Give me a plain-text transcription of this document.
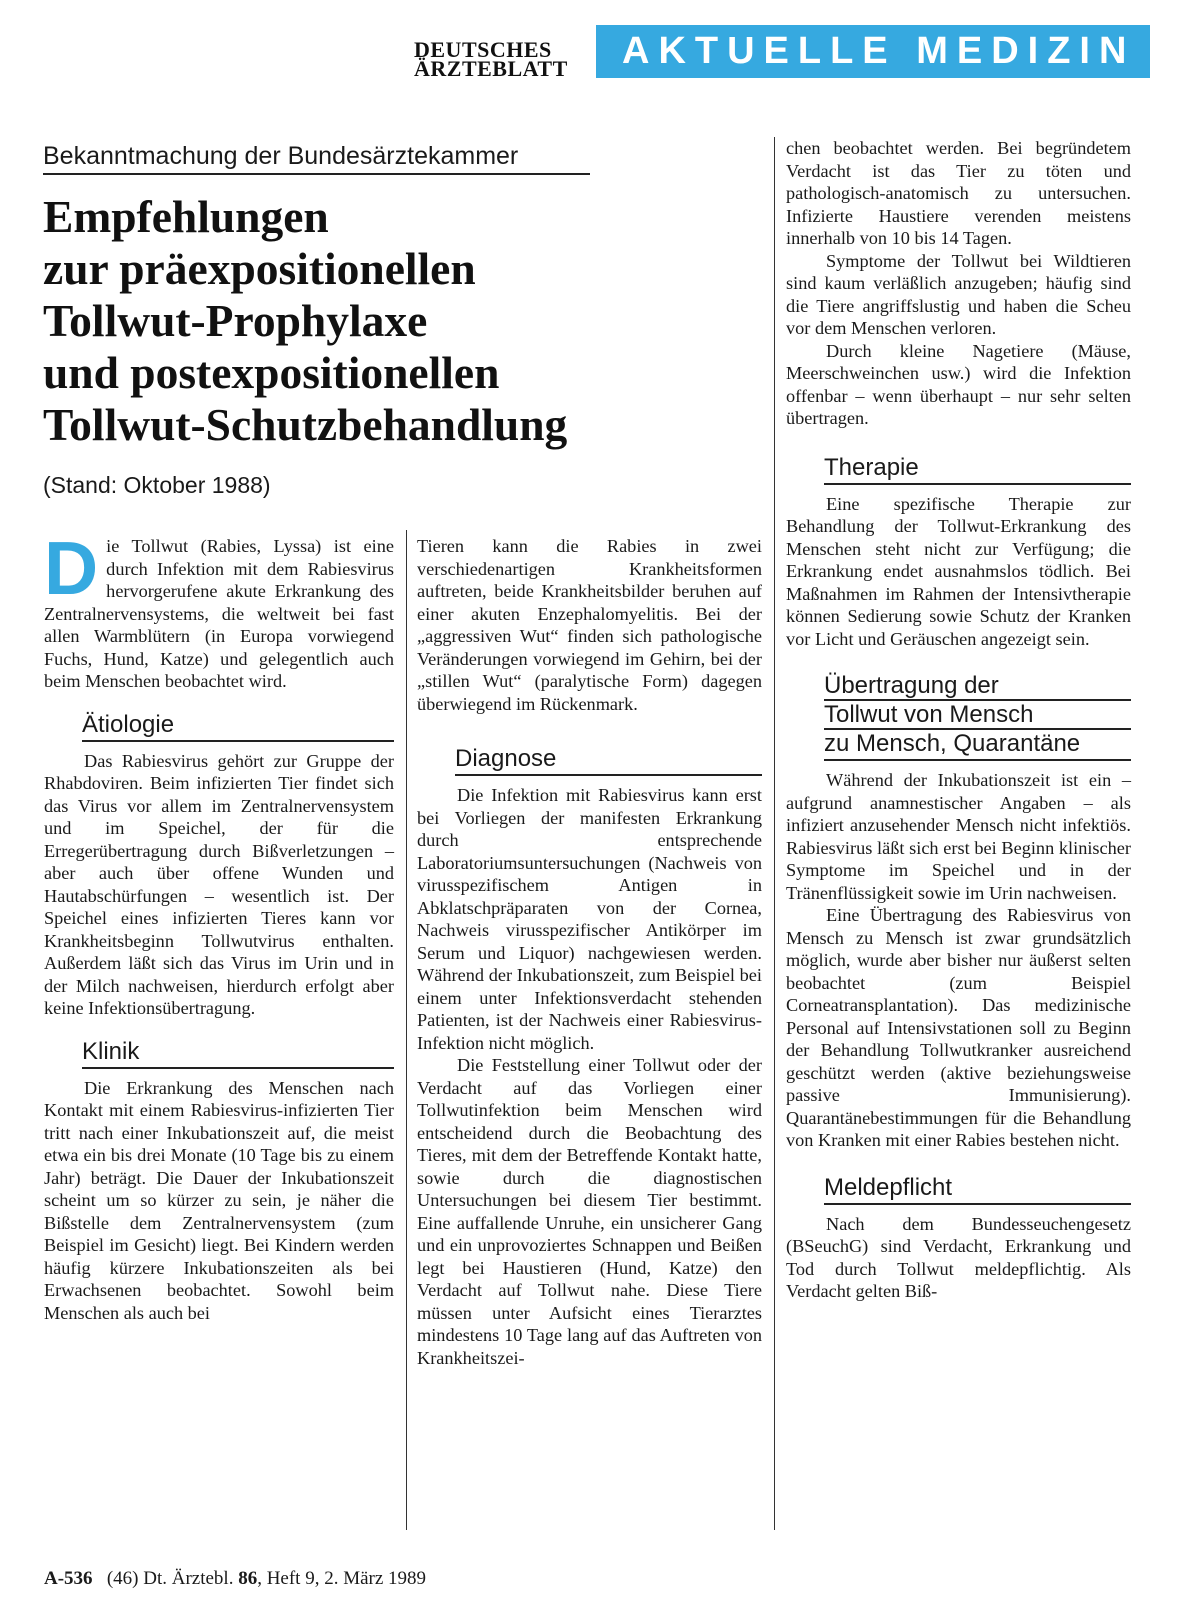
DEUTSCHES
ÄRZTEBLATT	AKTUELLE MEDIZIN
Bekanntmachung der Bundesärztekammer
Empfehlungen
zur präexpositionellen
Tollwut-Prophylaxe
und postexpositionellen
Tollwut-Schutzbehandlung
(Stand: Oktober 1988)

Die Tollwut (Rabies, Lyssa) ist eine durch Infektion mit dem Rabiesvirus hervorgerufene akute Erkrankung des Zentralnervensystems, die weltweit bei fast allen Warmblütern (in Europa vorwiegend Fuchs, Hund, Katze) und gelegentlich auch beim Menschen beobachtet wird.

Ätiologie

Das Rabiesvirus gehört zur Gruppe der Rhabdoviren. Beim infizierten Tier findet sich das Virus vor allem im Zentralnervensystem und im Speichel, der für die Erregerübertragung durch Bißverletzungen – aber auch über offene Wunden und Hautabschürfungen – wesentlich ist. Der Speichel eines infizierten Tieres kann vor Krankheitsbeginn Tollwutvirus enthalten. Außerdem läßt sich das Virus im Urin und in der Milch nachweisen, hierdurch erfolgt aber keine Infektionsübertragung.

Klinik

Die Erkrankung des Menschen nach Kontakt mit einem Rabiesvirus-infizierten Tier tritt nach einer Inkubationszeit auf, die meist etwa ein bis drei Monate (10 Tage bis zu einem Jahr) beträgt. Die Dauer der Inkubationszeit scheint um so kürzer zu sein, je näher die Bißstelle dem Zentralnervensystem (zum Beispiel im Gesicht) liegt. Bei Kindern werden häufig kürzere Inkubationszeiten als bei Erwachsenen beobachtet. Sowohl beim Menschen als auch bei

Tieren kann die Rabies in zwei verschiedenartigen Krankheitsformen auftreten, beide Krankheitsbilder beruhen auf einer akuten Enzephalomyelitis. Bei der „aggressiven Wut“ finden sich pathologische Veränderungen vorwiegend im Gehirn, bei der „stillen Wut“ (paralytische Form) dagegen überwiegend im Rückenmark.

Diagnose

Die Infektion mit Rabiesvirus kann erst bei Vorliegen der manifesten Erkrankung durch entsprechende Laboratoriumsuntersuchungen (Nachweis von virusspezifischem Antigen in Abklatschpräparaten von der Cornea, Nachweis virusspezifischer Antikörper im Serum und Liquor) nachgewiesen werden. Während der Inkubationszeit, zum Beispiel bei einem unter Infektionsverdacht stehenden Patienten, ist der Nachweis einer Rabiesvirus-Infektion nicht möglich.

Die Feststellung einer Tollwut oder der Verdacht auf das Vorliegen einer Tollwutinfektion beim Menschen wird entscheidend durch die Beobachtung des Tieres, mit dem der Betreffende Kontakt hatte, sowie durch die diagnostischen Untersuchungen bei diesem Tier bestimmt. Eine auffallende Unruhe, ein unsicherer Gang und ein unprovoziertes Schnappen und Beißen legt bei Haustieren (Hund, Katze) den Verdacht auf Tollwut nahe. Diese Tiere müssen unter Aufsicht eines Tierarztes mindestens 10 Tage lang auf das Auftreten von Krankheitszei-

chen beobachtet werden. Bei begründetem Verdacht ist das Tier zu töten und pathologisch-anatomisch zu untersuchen. Infizierte Haustiere verenden meistens innerhalb von 10 bis 14 Tagen.

Symptome der Tollwut bei Wildtieren sind kaum verläßlich anzugeben; häufig sind die Tiere angriffslustig und haben die Scheu vor dem Menschen verloren.

Durch kleine Nagetiere (Mäuse, Meerschweinchen usw.) wird die Infektion offenbar – wenn überhaupt – nur sehr selten übertragen.

Therapie

Eine spezifische Therapie zur Behandlung der Tollwut-Erkrankung des Menschen steht nicht zur Verfügung; die Erkrankung endet ausnahmslos tödlich. Bei Maßnahmen im Rahmen der Intensivtherapie können Sedierung sowie Schutz der Kranken vor Licht und Geräuschen angezeigt sein.

Übertragung der
Tollwut von Mensch
zu Mensch, Quarantäne

Während der Inkubationszeit ist ein – aufgrund anamnestischer Angaben – als infiziert anzusehender Mensch nicht infektiös. Rabiesvirus läßt sich erst bei Beginn klinischer Symptome im Speichel und in der Tränenflüssigkeit sowie im Urin nachweisen.

Eine Übertragung des Rabiesvirus von Mensch zu Mensch ist zwar grundsätzlich möglich, wurde aber bisher nur äußerst selten beobachtet (zum Beispiel Corneatransplantation). Das medizinische Personal auf Intensivstationen soll zu Beginn der Behandlung Tollwutkranker ausreichend geschützt werden (aktive beziehungsweise passive Immunisierung). Quarantänebestimmungen für die Behandlung von Kranken mit einer Rabies bestehen nicht.

Meldepflicht

Nach dem Bundesseuchengesetz (BSeuchG) sind Verdacht, Erkrankung und Tod durch Tollwut meldepflichtig. Als Verdacht gelten Biß-

A-536 (46) Dt. Ärztebl. 86, Heft 9, 2. März 1989
